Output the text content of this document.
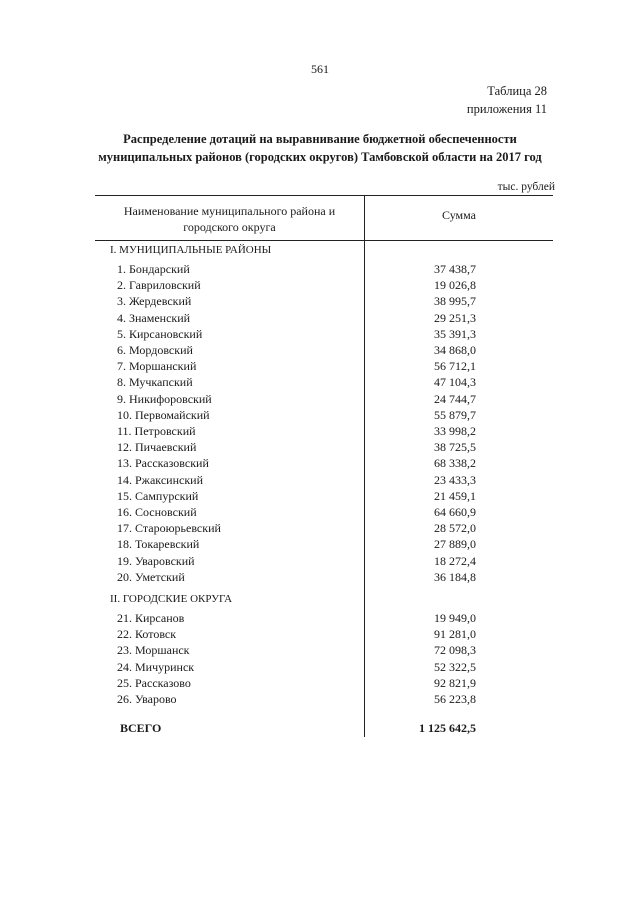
561
Таблица 28
приложения 11
Распределение дотаций на выравнивание бюджетной обеспеченности
муниципальных районов (городских округов) Тамбовской области на 2017 год
тыс. рублей
Наименование муниципального района и городского округа
Сумма
I. МУНИЦИПАЛЬНЫЕ РАЙОНЫ
II. ГОРОДСКИЕ ОКРУГА
1. Бондарский	37 438,7
2. Гавриловский	19 026,8
3. Жердевский	38 995,7
4. Знаменский	29 251,3
5. Кирсановский	35 391,3
6. Мордовский	34 868,0
7. Моршанский	56 712,1
8. Мучкапский	47 104,3
9. Никифоровский	24 744,7
10. Первомайский	55 879,7
11. Петровский	33 998,2
12. Пичаевский	38 725,5
13. Рассказовский	68 338,2
14. Ржаксинский	23 433,3
15. Сампурский	21 459,1
16. Сосновский	64 660,9
17. Староюрьевский	28 572,0
18. Токаревский	27 889,0
19. Уваровский	18 272,4
20. Уметский	36 184,8
21. Кирсанов	19 949,0
22. Котовск	91 281,0
23. Моршанск	72 098,3
24. Мичуринск	52 322,5
25. Рассказово	92 821,9
26. Уварово	56 223,8
ВСЕГО	1 125 642,5
